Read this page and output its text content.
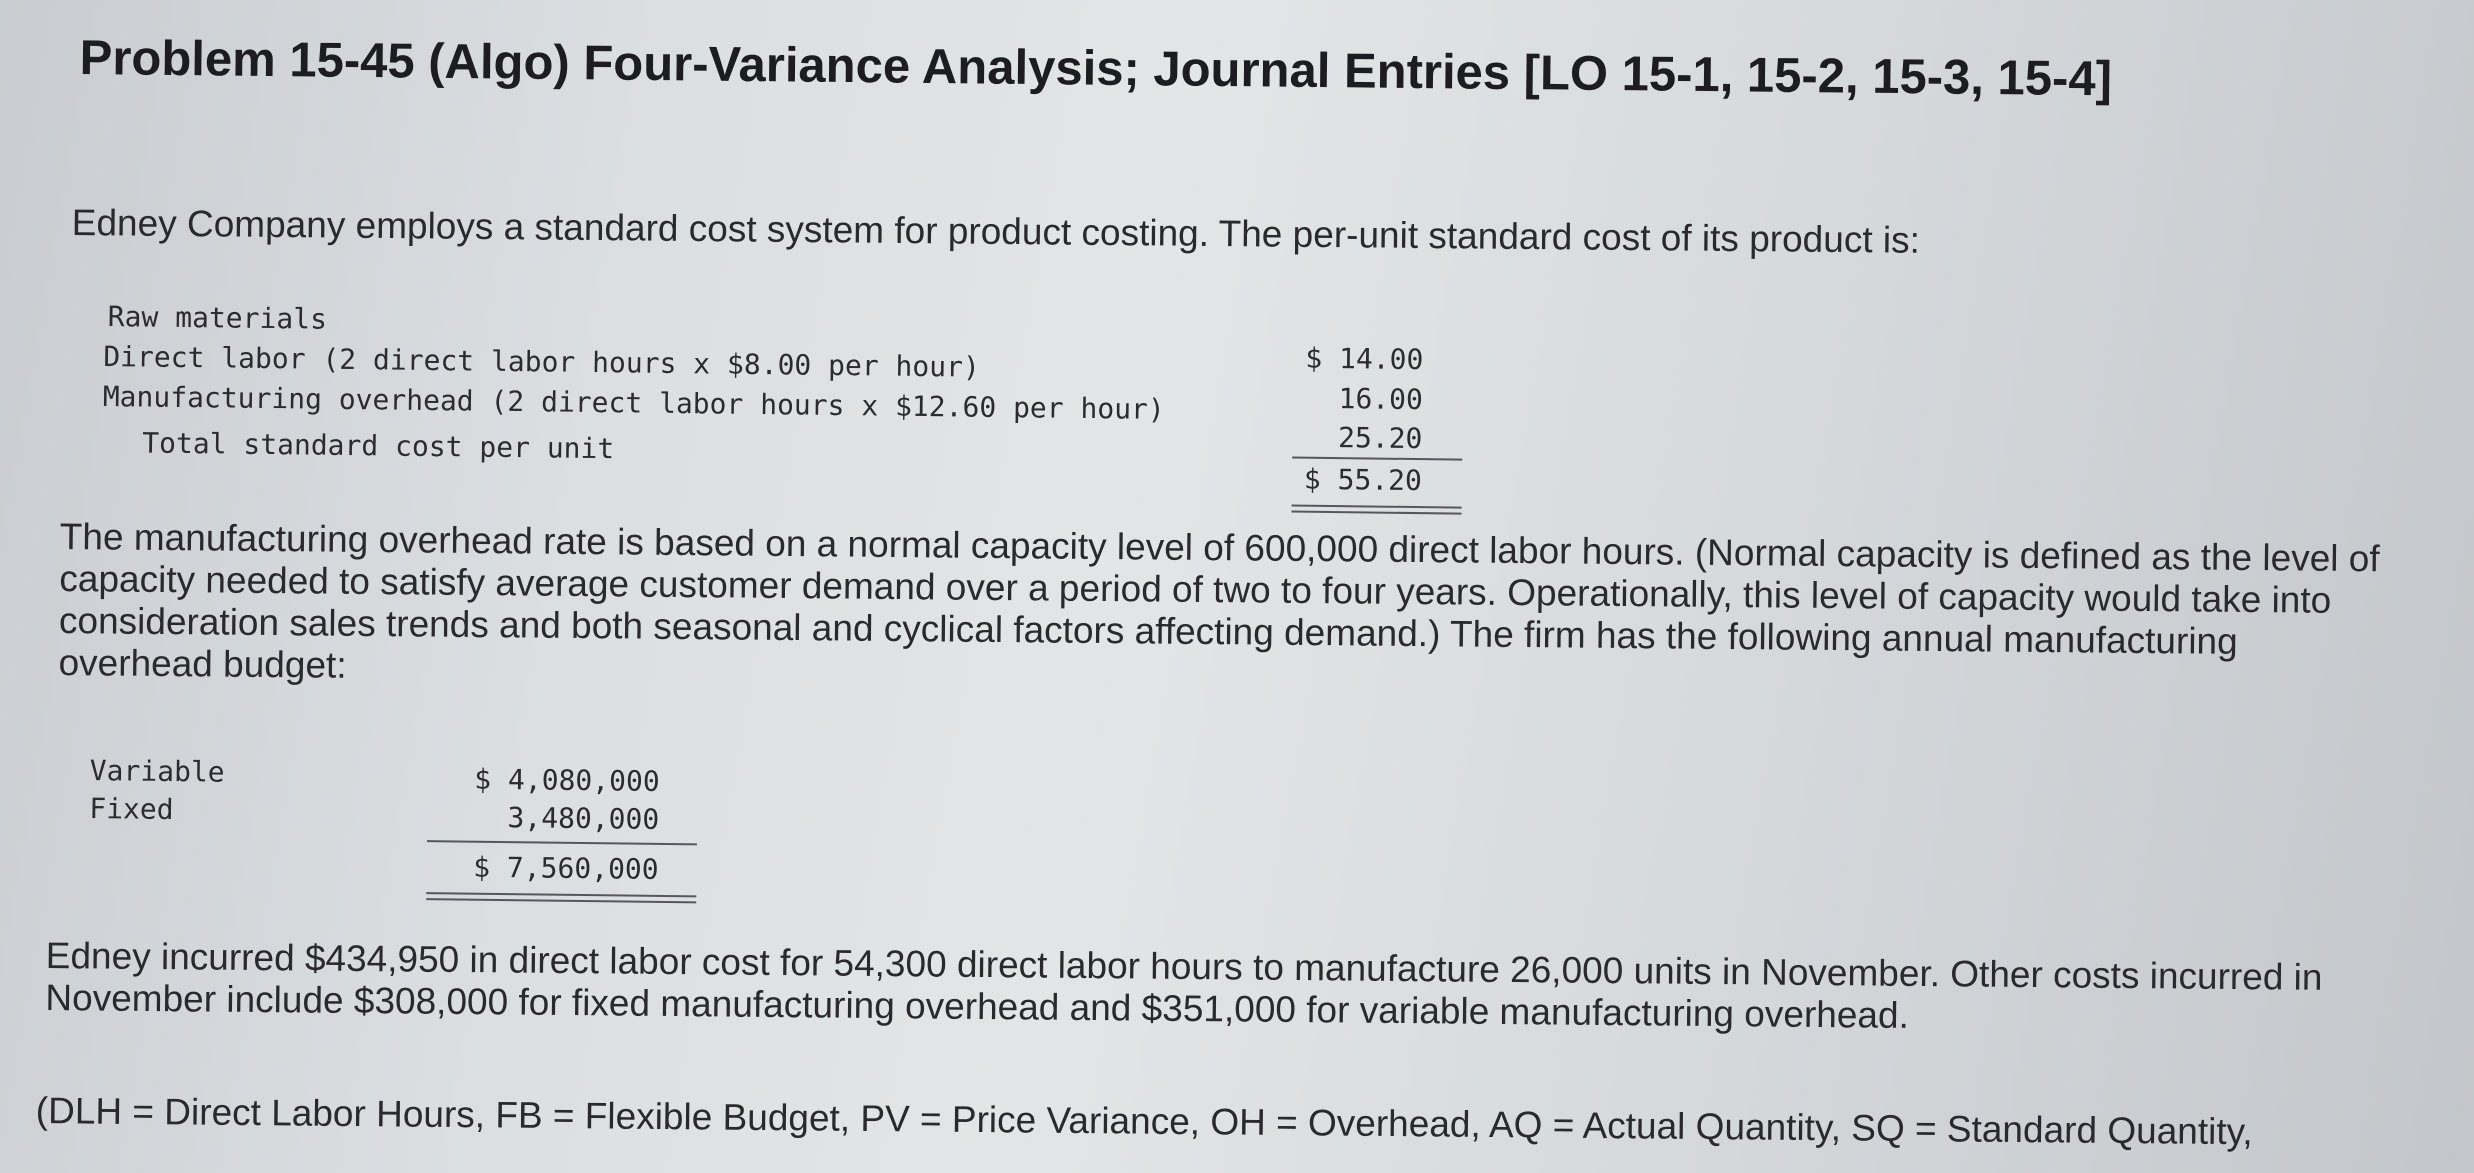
Problem 15-45 (Algo) Four-Variance Analysis; Journal Entries [LO 15-1, 15-2, 15-3, 15-4]
Edney Company employs a standard cost system for product costing. The per-unit standard cost of its product is:
Raw materials
Direct labor (2 direct labor hours x $8.00 per hour)
Manufacturing overhead (2 direct labor hours x $12.60 per hour)
Total standard cost per unit
$ 14.00
16.00
25.20
$ 55.20
The manufacturing overhead rate is based on a normal capacity level of 600,000 direct labor hours. (Normal capacity is defined as the level of capacity needed to satisfy average customer demand over a period of two to four years. Operationally, this level of capacity would take into consideration sales trends and both seasonal and cyclical factors affecting demand.) The firm has the following annual manufacturing overhead budget:
Variable
Fixed
$ 4,080,000
3,480,000
$ 7,560,000
Edney incurred $434,950 in direct labor cost for 54,300 direct labor hours to manufacture 26,000 units in November. Other costs incurred in November include $308,000 for fixed manufacturing overhead and $351,000 for variable manufacturing overhead.
(DLH = Direct Labor Hours, FB = Flexible Budget, PV = Price Variance, OH = Overhead, AQ = Actual Quantity, SQ = Standard Quantity,
